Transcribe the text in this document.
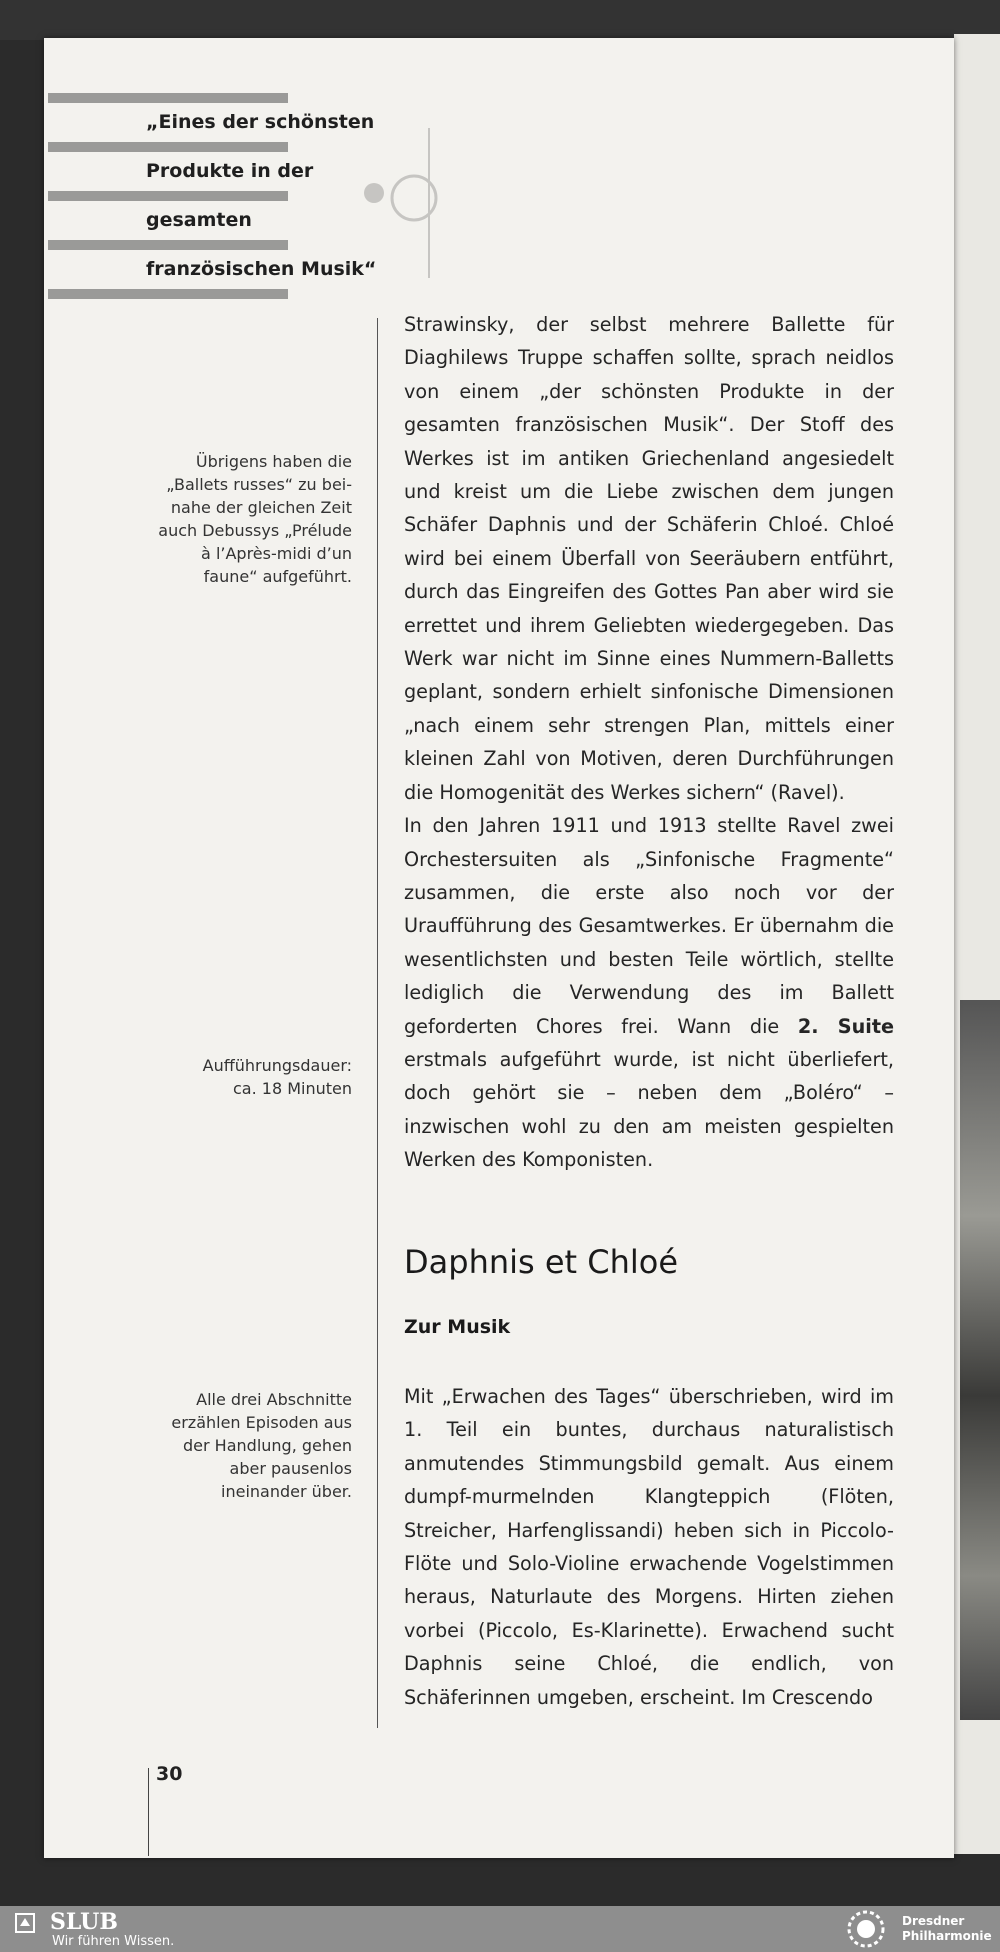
„Eines der schönsten
Produkte in der
gesamten
französischen Musik“
Übrigens haben die
„Ballets russes“ zu bei-
nahe der gleichen Zeit
auch Debussys „Prélude
à l’Après-midi d’un
faune“ aufgeführt.
Aufführungsdauer:
ca. 18 Minuten
Alle drei Abschnitte
erzählen Episoden aus
der Handlung, gehen
aber pausenlos
ineinander über.

Strawinsky, der selbst mehrere Ballette für Diaghilews Truppe schaffen sollte, sprach neidlos von einem „der schönsten Produkte in der gesamten französischen Musik“. Der Stoff des Werkes ist im antiken Griechenland angesiedelt und kreist um die Liebe zwischen dem jungen Schäfer Daphnis und der Schäferin Chloé. Chloé wird bei einem Überfall von Seeräubern entführt, durch das Eingreifen des Gottes Pan aber wird sie errettet und ihrem Geliebten wiedergegeben. Das Werk war nicht im Sinne eines Nummern-Balletts geplant, sondern erhielt sinfonische Dimensionen „nach einem sehr strengen Plan, mittels einer kleinen Zahl von Motiven, deren Durchführungen die Homogenität des Werkes sichern“ (Ravel).

In den Jahren 1911 und 1913 stellte Ravel zwei Orchestersuiten als „Sinfonische Fragmente“ zusammen, die erste also noch vor der Uraufführung des Gesamtwerkes. Er übernahm die wesentlichsten und besten Teile wörtlich, stellte lediglich die Verwendung des im Ballett geforderten Chores frei. Wann die 2. Suite erstmals aufgeführt wurde, ist nicht überliefert, doch gehört sie – neben dem „Boléro“ – inzwischen wohl zu den am meisten gespielten Werken des Komponisten.

Daphnis et Chloé
Zur Musik

Mit „Erwachen des Tages“ überschrieben, wird im 1. Teil ein buntes, durchaus naturalistisch anmutendes Stimmungsbild gemalt. Aus einem dumpf-murmelnden Klangteppich (Flöten, Streicher, Harfenglissandi) heben sich in Piccolo-Flöte und Solo-Violine erwachende Vogelstimmen heraus, Naturlaute des Morgens. Hirten ziehen vorbei (Piccolo, Es-Klarinette). Erwachend sucht Daphnis seine Chloé, die endlich, von Schäferinnen umgeben, erscheint. Im Crescendo

30
SLUB
Wir führen Wissen.
Dresdner
Philharmonie
